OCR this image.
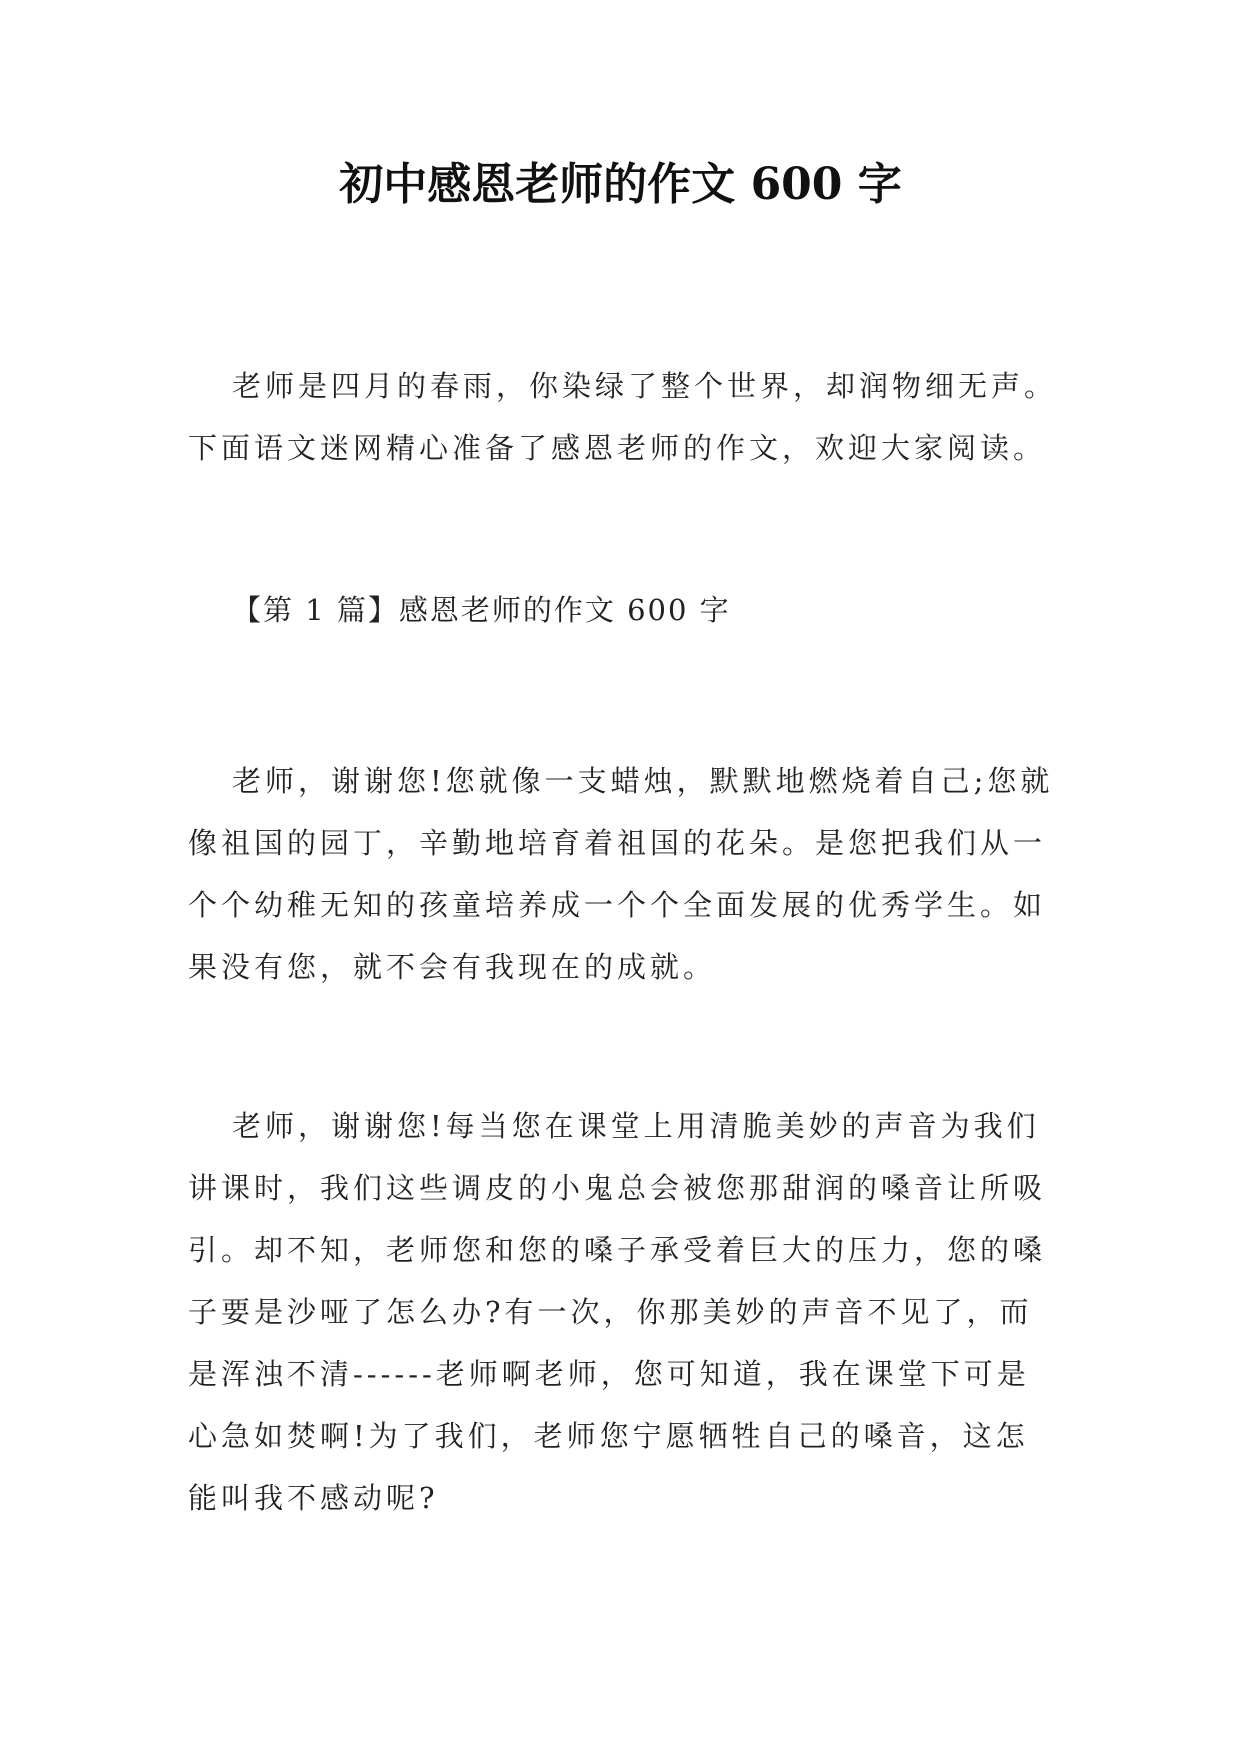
初中感恩老师的作文 600 字
老师是四月的春雨，你染绿了整个世界，却润物细无声。
下面语文迷网精心准备了感恩老师的作文，欢迎大家阅读。

【第 1 篇】感恩老师的作文 600 字

老师，谢谢您!您就像一支蜡烛，默默地燃烧着自己;您就
像祖国的园丁，辛勤地培育着祖国的花朵。是您把我们从一
个个幼稚无知的孩童培养成一个个全面发展的优秀学生。如
果没有您，就不会有我现在的成就。
老师，谢谢您!每当您在课堂上用清脆美妙的声音为我们
讲课时，我们这些调皮的小鬼总会被您那甜润的嗓音让所吸
引。却不知，老师您和您的嗓子承受着巨大的压力，您的嗓
子要是沙哑了怎么办?有一次，你那美妙的声音不见了，而
是浑浊不清------老师啊老师，您可知道，我在课堂下可是
心急如焚啊!为了我们，老师您宁愿牺牲自己的嗓音，这怎
能叫我不感动呢?
